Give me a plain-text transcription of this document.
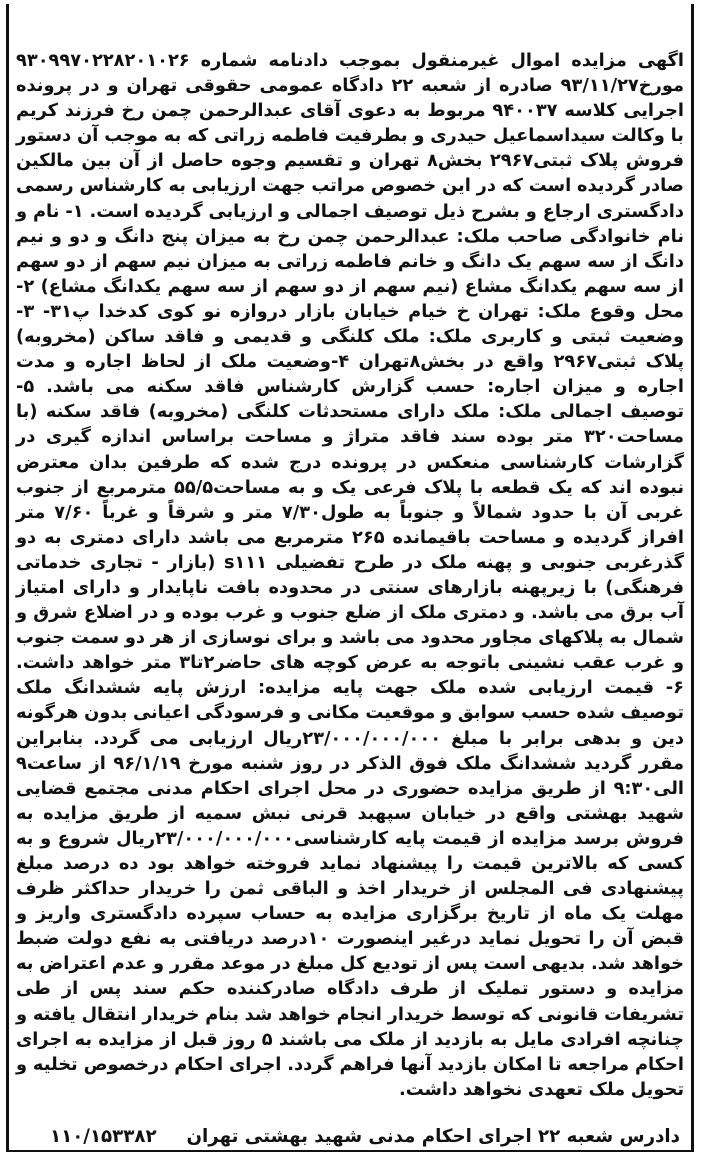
اگهی مزایده اموال غیرمنقول بموجب دادنامه شماره ۹۳۰۹۹۷۰۲۲۸۲۰۱۰۲۶ مورخ۹۳/۱۱/۲۷ صادره از شعبه ۲۲ دادگاه عمومی حقوقی تهران و در پرونده اجرایی کلاسه ۹۴۰۰۳۷ مربوط به دعوی آقای عبدالرحمن چمن رخ فرزند کریم با وکالت سیداسماعیل حیدری و بطرفیت فاطمه زراتی که به موجب آن دستور فروش پلاک ثبتی۲۹۶۷ بخش۸ تهران و تقسیم وجوه حاصل از آن بین مالکین صادر گردیده است که در این خصوص مراتب جهت ارزیابی به کارشناس رسمی دادگستری ارجاع و بشرح ذیل توصیف اجمالی و ارزیابی گردیده است. ۱- نام و نام خانوادگی صاحب ملک: عبدالرحمن چمن رخ به میزان پنج دانگ و دو و نیم دانگ از سه سهم یک دانگ و خانم فاطمه زراتی به میزان نیم سهم از دو سهم از سه سهم یکدانگ مشاع (نیم سهم از دو سهم از سه سهم یکدانگ مشاع) ۲- محل وقوع ملک: تهران خ خیام خیابان بازار دروازه نو کوی کدخدا پ۳۱- ۳- وضعیت ثبتی و کاربری ملک: ملک کلنگی و قدیمی و فاقد ساکن (مخروبه) پلاک ثبتی۲۹۶۷ واقع در بخش۸تهران ۴-وضعیت ملک از لحاظ اجاره و مدت اجاره و میزان اجاره: حسب گزارش کارشناس فاقد سکنه می باشد. ۵- توصیف اجمالی ملک: ملک دارای مستحدثات کلنگی (مخروبه) فاقد سکنه (با مساحت۳۲۰ متر بوده سند فاقد متراژ و مساحت براساس اندازه گیری در گزارشات کارشناسی منعکس در پرونده درج شده که طرفین بدان معترض نبوده اند که یک قطعه با پلاک فرعی یک و به مساحت۵۵/۵ مترمربع از جنوب غربی آن با حدود شمالاً و جنوباً به طول۷/۳۰ متر و شرقاً و غرباً ۷/۶۰ متر افراز گردیده و مساحت باقیمانده ۲۶۵ مترمربع می باشد دارای دمتری به دو گذرغربی جنوبی و پهنه ملک در طرح تفضیلی s۱۱۱ (بازار - تجاری خدماتی فرهنگی) با زیرپهنه بازارهای سنتی در محدوده بافت ناپایدار و دارای امتیاز آب برق می باشد. و دمتری ملک از ضلع جنوب و غرب بوده و در اضلاع شرق و شمال به پلاکهای مجاور محدود می باشد و برای نوسازی از هر دو سمت جنوب و غرب عقب نشینی باتوجه به عرض کوچه های حاضر۲تا۳ متر خواهد داشت. ۶- قیمت ارزیابی شده ملک جهت پایه مزایده: ارزش پایه ششدانگ ملک توصیف شده حسب سوابق و موقعیت مکانی و فرسودگی اعیانی بدون هرگونه دین و بدهی برابر با مبلغ ۲۳/۰۰۰/۰۰۰/۰۰۰ریال ارزیابی می گردد. بنابراین مقرر گردید ششدانگ ملک فوق الذکر در روز شنبه مورخ ۹۶/۱/۱۹ از ساعت۹ الی۹:۳۰ از طریق مزایده حضوری در محل اجرای احکام مدنی مجتمع قضایی شهید بهشتی واقع در خیابان سپهبد قرنی نبش سمیه از طریق مزایده به فروش برسد مزایده از قیمت پایه کارشناسی۲۳/۰۰۰/۰۰۰/۰۰۰ریال شروع و به کسی که بالاترین قیمت را پیشنهاد نماید فروخته خواهد بود ده درصد مبلغ پیشنهادی فی المجلس از خریدار اخذ و الباقی ثمن را خریدار حداکثر ظرف مهلت یک ماه از تاریخ برگزاری مزایده به حساب سپرده دادگستری واریز و قبض آن را تحویل نماید درغیر اینصورت ۱۰درصد دریافتی به نفع دولت ضبط خواهد شد. بدیهی است پس از تودیع کل مبلغ در موعد مقرر و عدم اعتراض به مزایده و دستور تملیک از طرف دادگاه صادرکننده حکم سند پس از طی تشریفات قانونی که توسط خریدار انجام خواهد شد بنام خریدار انتقال یافته و چنانچه افرادی مایل به بازدید از ملک می باشند ۵ روز قبل از مزایده به اجرای احکام مراجعه تا امکان بازدید آنها فراهم گردد. اجرای احکام درخصوص تخلیه و تحویل ملک تعهدی نخواهد داشت.

دادرس شعبه ۲۲ اجرای احکام مدنی شهید بهشتی تهران
۱۱۰/۱۵۳۳۸۲
